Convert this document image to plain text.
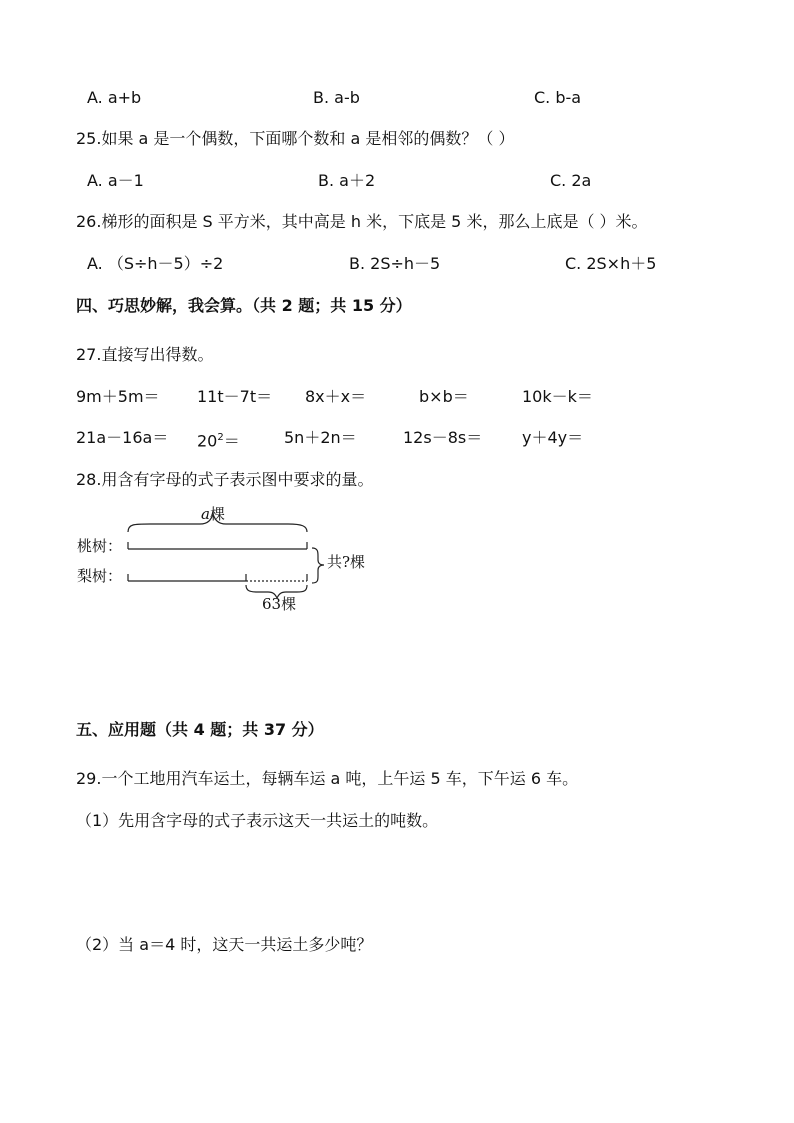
A. a+b	B. a-b	C. b-a
25.如果 a 是一个偶数，下面哪个数和 a 是相邻的偶数？（ ）
A. a－1	B. a＋2	C. 2a
26.梯形的面积是 S 平方米，其中高是 h 米，下底是 5 米，那么上底是（ ）米。
A. （S÷h－5）÷2	B. 2S÷h－5	C. 2S×h＋5
四、巧思妙解，我会算。（共 2 题；共 15 分）
27.直接写出得数。
9m＋5m＝ 11t－7t＝ 8x＋x＝	b×b＝	10k－k＝
$21a-16a= 20^2=$	5n＋2n＝	12s－8s＝ y＋4y＝
28.用含有字母的式子表示图中要求的量。
a棵
桃树：
梨树：
共?棵
63棵
五、应用题（共 4 题；共 37 分）
29.一个工地用汽车运土，每辆车运 a 吨，上午运 5 车，下午运 6 车。
（1）先用含字母的式子表示这天一共运土的吨数。
（2）当 a＝4 时，这天一共运土多少吨？
